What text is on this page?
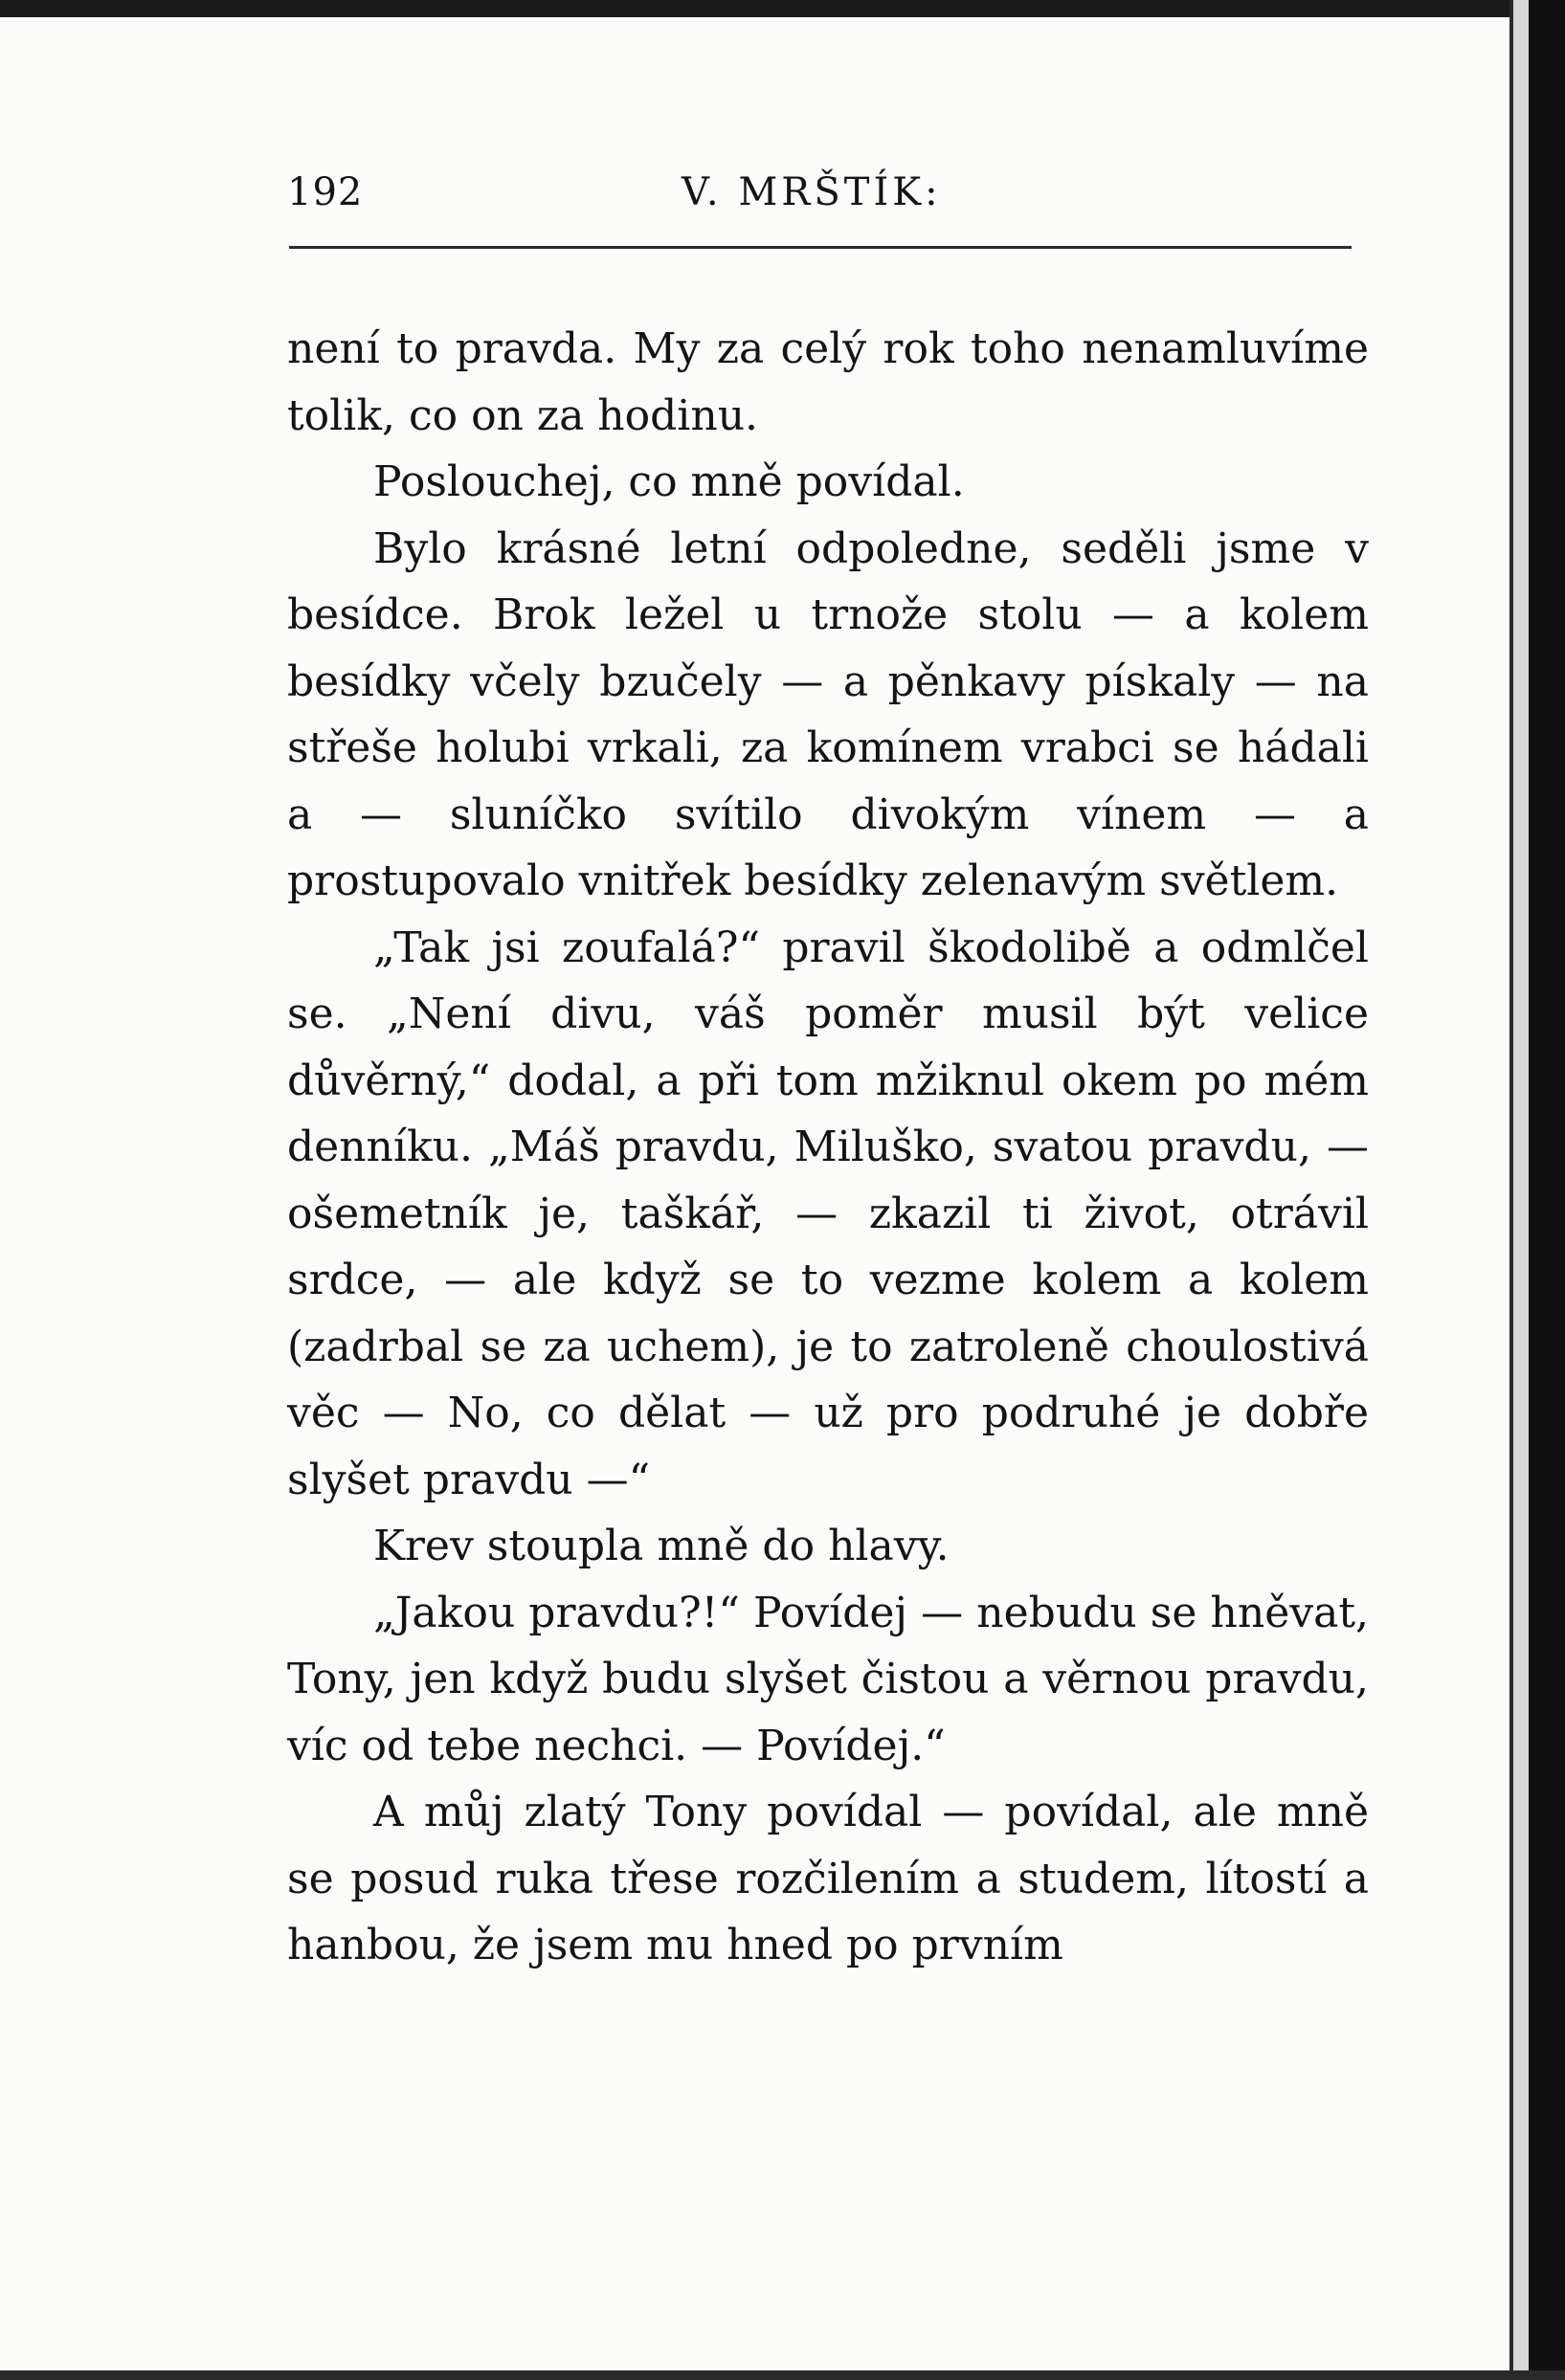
192	V. MRŠTÍK:

není to pravda. My za celý rok toho nenamluvíme tolik, co on za hodinu.

Poslouchej, co mně povídal.

Bylo krásné letní odpoledne, seděli jsme v besídce. Brok ležel u trnože stolu — a kolem besídky včely bzučely — a pěnkavy pískaly — na střeše holubi vrkali, za komínem vrabci se hádali a — sluníčko svítilo divokým vínem — a prostupovalo vnitřek besídky zelenavým světlem.

„Tak jsi zoufalá?“ pravil škodolibě a odmlčel se. „Není divu, váš poměr musil být velice důvěrný,“ dodal, a při tom mžiknul okem po mém denníku. „Máš pravdu, Miluško, svatou pravdu, — ošemetník je, taškář, — zkazil ti život, otrávil srdce, — ale když se to vezme kolem a kolem (zadrbal se za uchem), je to zatroleně choulostivá věc — No, co dělat — už pro podruhé je dobře slyšet pravdu —“

Krev stoupla mně do hlavy.

„Jakou pravdu?!“ Povídej — nebudu se hněvat, Tony, jen když budu slyšet čistou a věrnou pravdu, víc od tebe nechci. — Povídej.“

A můj zlatý Tony povídal — povídal, ale mně se posud ruka třese rozčilením a studem, lítostí a hanbou, že jsem mu hned po prvním
